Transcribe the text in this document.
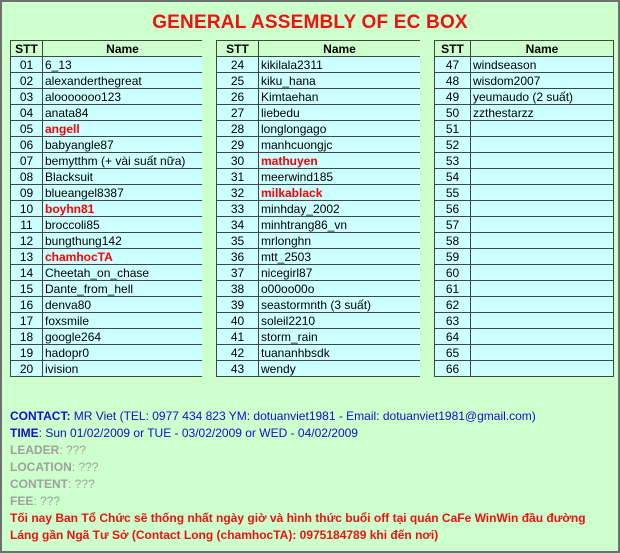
GENERAL ASSEMBLY OF EC BOX
STT	Name
01	6_13
02	alexanderthegreat
03	alooooooo123
04	anata84
05	angell
06	babyangle87
07	bemytthm (+ vài suất nữa)
08	Blacksuit
09	blueangel8387
10	boyhn81
11	broccoli85
12	bungthung142
13	chamhocTA
14	Cheetah_on_chase
15	Dante_from_hell
16	denva80
17	foxsmile
18	google264
19	hadopr0
20	ivision
STT	Name
24	kikilala2311
25	kiku_hana
26	Kimtaehan
27	liebedu
28	longlongago
29	manhcuongjc
30	mathuyen
31	meerwind185
32	milkablack
33	minhday_2002
34	minhtrang86_vn
35	mrlonghn
36	mtt_2503
37	nicegirl87
38	o00oo00o
39	seastormnth (3 suất)
40	soleil2210
41	storm_rain
42	tuananhbsdk
43	wendy
STT	Name
47	windseason
48	wisdom2007
49	yeumaudo (2 suất)
50	zzthestarzz
51	
52	
53	
54	
55	
56	
57	
58	
59	
60	
61	
62	
63	
64	
65	
66	
CONTACT: MR Viet (TEL: 0977 434 823 YM: dotuanviet1981 - Email: dotuanviet1981@gmail.com)
TIME: Sun 01/02/2009 or TUE - 03/02/2009 or WED - 04/02/2009
LEADER: ???
LOCATION: ???
CONTENT: ???
FEE: ???
Tối nay Ban Tổ Chức sẽ thống nhất ngày giờ và hình thức buổi off tại quán CaFe WinWin đầu đường Láng gần Ngã Tư Sở (Contact Long (chamhocTA): 0975184789 khi đến nơi)
